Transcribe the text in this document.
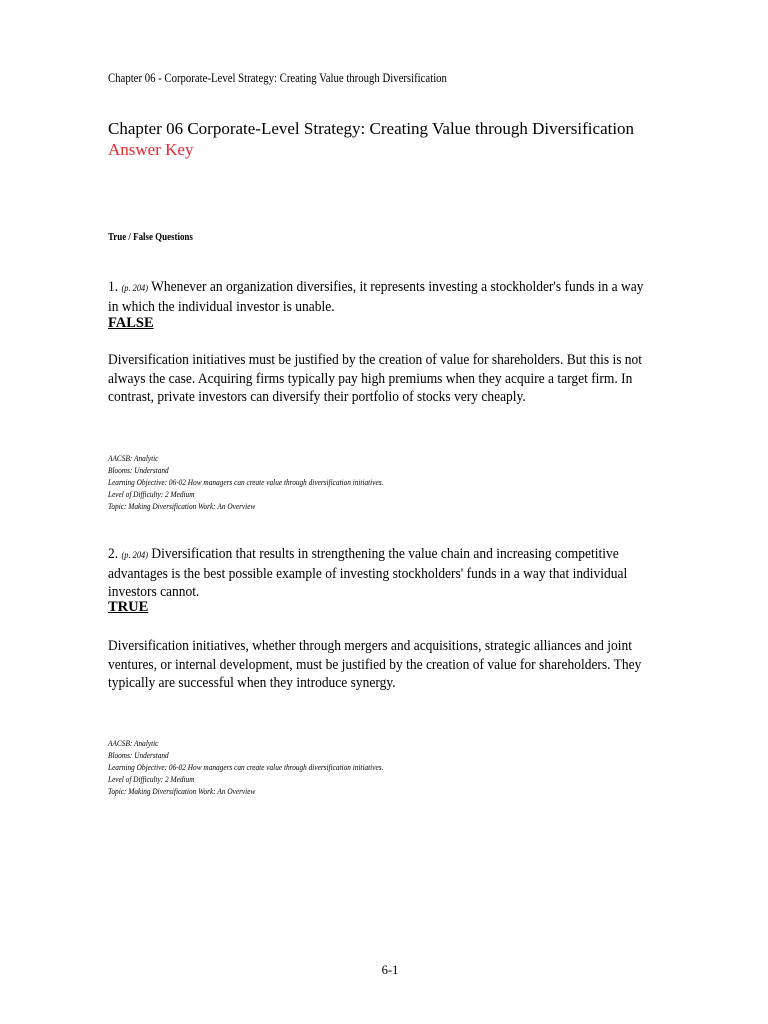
Chapter 06 - Corporate-Level Strategy: Creating Value through Diversification
Chapter 06 Corporate-Level Strategy: Creating Value through Diversification
Answer Key
True / False Questions
1. (p. 204) Whenever an organization diversifies, it represents investing a stockholder's funds in a way in which the individual investor is unable.
FALSE
Diversification initiatives must be justified by the creation of value for shareholders. But this is not always the case. Acquiring firms typically pay high premiums when they acquire a target firm. In contrast, private investors can diversify their portfolio of stocks very cheaply.
AACSB: Analytic
Blooms: Understand
Learning Objective: 06-02 How managers can create value through diversification initiatives.
Level of Difficulty: 2 Medium
Topic: Making Diversification Work: An Overview
2. (p. 204) Diversification that results in strengthening the value chain and increasing competitive advantages is the best possible example of investing stockholders' funds in a way that individual investors cannot.
TRUE
Diversification initiatives, whether through mergers and acquisitions, strategic alliances and joint ventures, or internal development, must be justified by the creation of value for shareholders. They typically are successful when they introduce synergy.
AACSB: Analytic
Blooms: Understand
Learning Objective: 06-02 How managers can create value through diversification initiatives.
Level of Difficulty: 2 Medium
Topic: Making Diversification Work: An Overview
6-1
